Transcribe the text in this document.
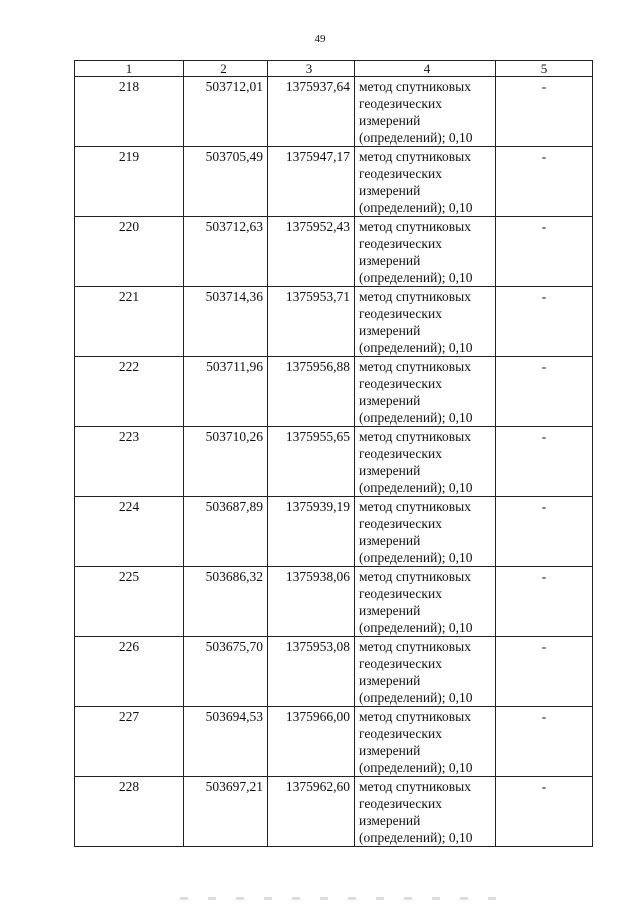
49
1	2	3	4	5
218	503712,01	1375937,64	метод спутниковых геодезических измерений (определений); 0,10	-
219	503705,49	1375947,17	метод спутниковых геодезических измерений (определений); 0,10	-
220	503712,63	1375952,43	метод спутниковых геодезических измерений (определений); 0,10	-
221	503714,36	1375953,71	метод спутниковых геодезических измерений (определений); 0,10	-
222	503711,96	1375956,88	метод спутниковых геодезических измерений (определений); 0,10	-
223	503710,26	1375955,65	метод спутниковых геодезических измерений (определений); 0,10	-
224	503687,89	1375939,19	метод спутниковых геодезических измерений (определений); 0,10	-
225	503686,32	1375938,06	метод спутниковых геодезических измерений (определений); 0,10	-
226	503675,70	1375953,08	метод спутниковых геодезических измерений (определений); 0,10	-
227	503694,53	1375966,00	метод спутниковых геодезических измерений (определений); 0,10	-
228	503697,21	1375962,60	метод спутниковых геодезических измерений (определений); 0,10	-
